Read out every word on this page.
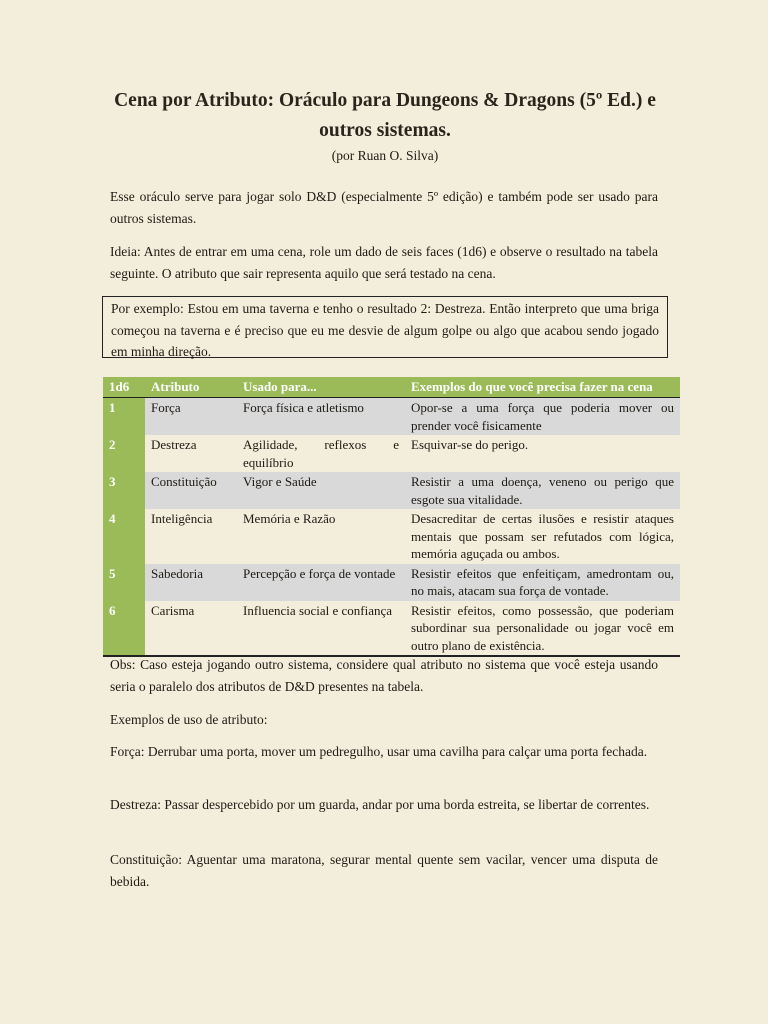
Cena por Atributo: Oráculo para Dungeons & Dragons (5º Ed.) e outros sistemas.
(por Ruan O. Silva)
Esse oráculo serve para jogar solo D&D (especialmente 5º edição) e também pode ser usado para outros sistemas.
Ideia: Antes de entrar em uma cena, role um dado de seis faces (1d6) e observe o resultado na tabela seguinte. O atributo que sair representa aquilo que será testado na cena.
Por exemplo: Estou em uma taverna e tenho o resultado 2: Destreza. Então interpreto que uma briga começou na taverna e é preciso que eu me desvie de algum golpe ou algo que acabou sendo jogado em minha direção.
1d6	Atributo	Usado para...	Exemplos do que você precisa fazer na cena
1	Força	Força física e atletismo	Opor-se a uma força que poderia mover ou prender você fisicamente
2	Destreza	Agilidade, reflexos e equilíbrio	Esquivar-se do perigo.
3	Constituição	Vigor e Saúde	Resistir a uma doença, veneno ou perigo que esgote sua vitalidade.
4	Inteligência	Memória e Razão	Desacreditar de certas ilusões e resistir ataques mentais que possam ser refutados com lógica, memória aguçada ou ambos.
5	Sabedoria	Percepção e força de vontade	Resistir efeitos que enfeitiçam, amedrontam ou, no mais, atacam sua força de vontade.
6	Carisma	Influencia social e confiança	Resistir efeitos, como possessão, que poderiam subordinar sua personalidade ou jogar você em outro plano de existência.
Obs: Caso esteja jogando outro sistema, considere qual atributo no sistema que você esteja usando seria o paralelo dos atributos de D&D presentes na tabela.
Exemplos de uso de atributo:
Força: Derrubar uma porta, mover um pedregulho, usar uma cavilha para calçar uma porta fechada.
Destreza: Passar despercebido por um guarda, andar por uma borda estreita, se libertar de correntes.
Constituição: Aguentar uma maratona, segurar mental quente sem vacilar, vencer uma disputa de bebida.
